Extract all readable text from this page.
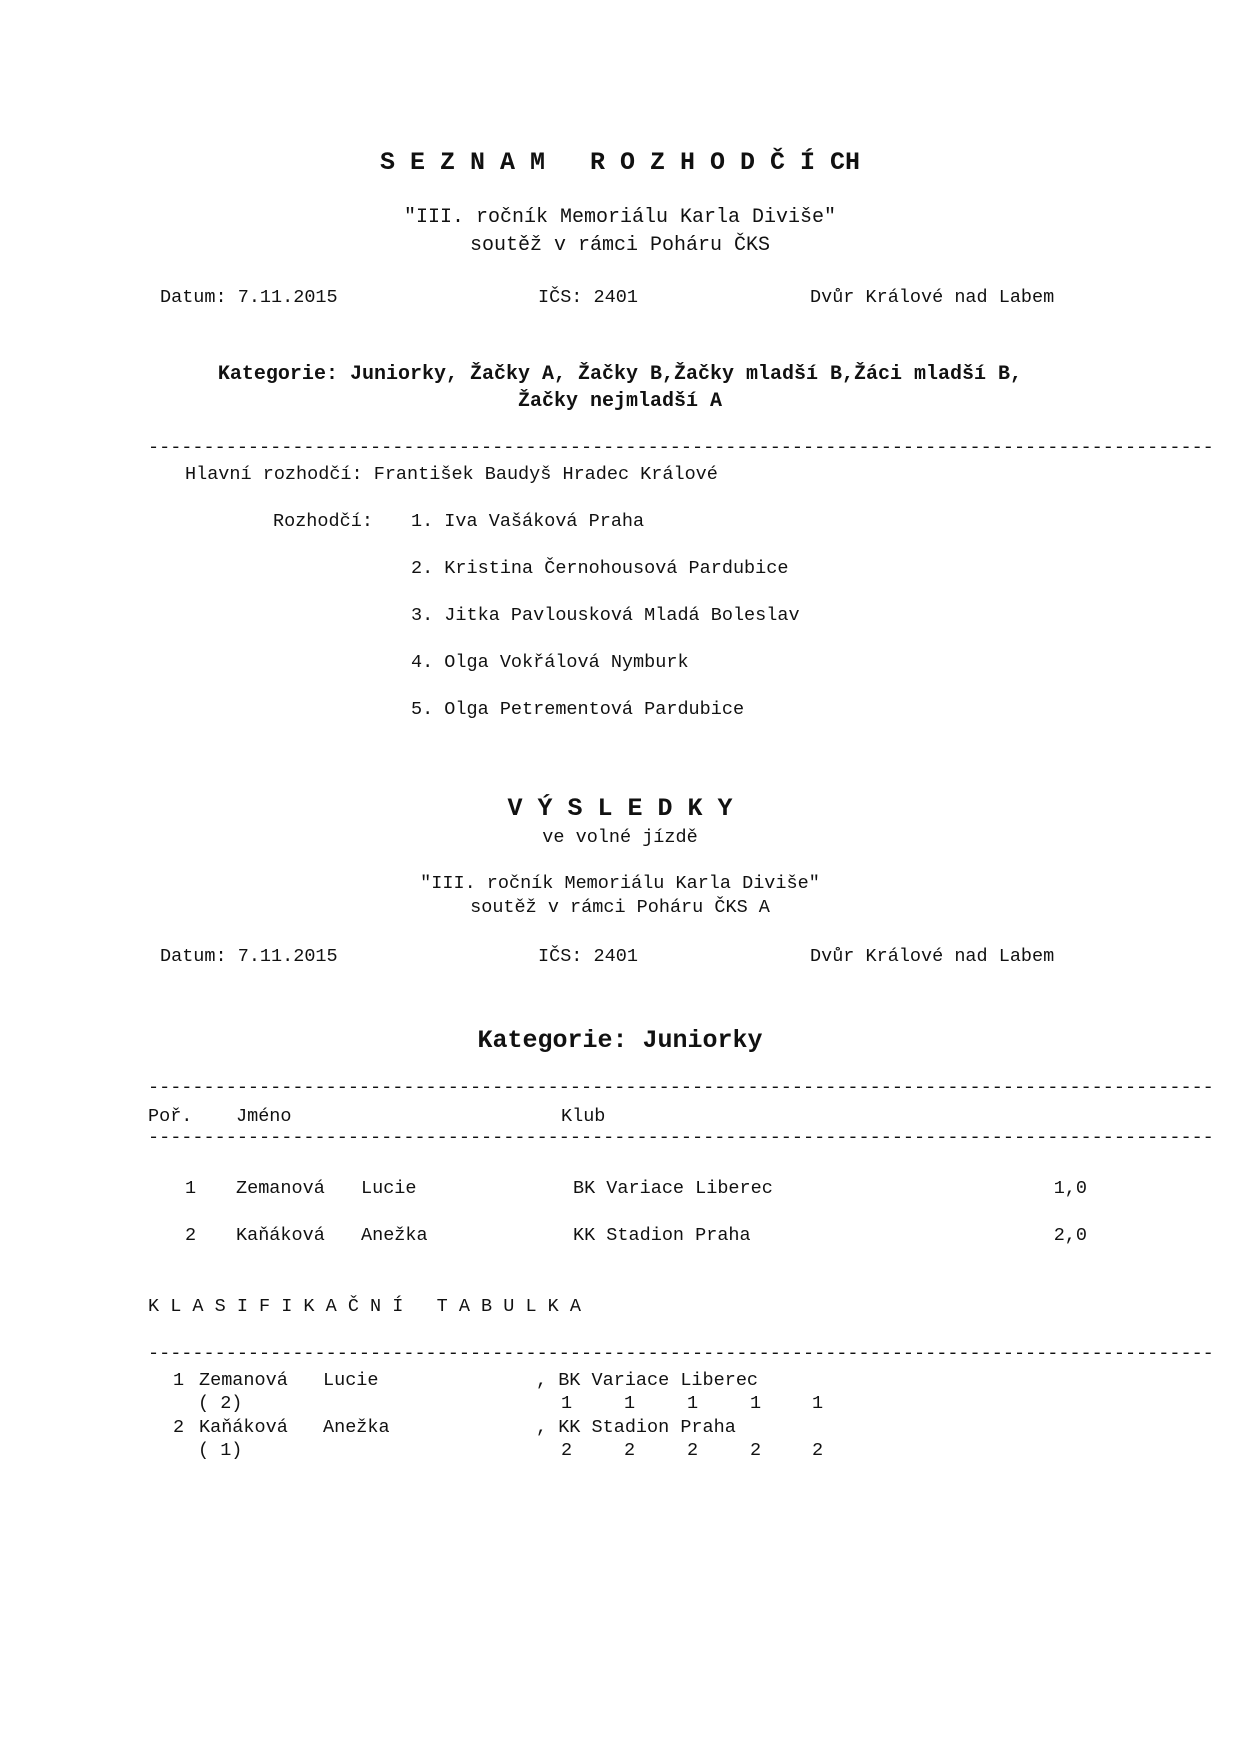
S E Z N A M   R O Z H O D Č Í CH
"III. ročník Memoriálu Karla Diviše"
soutěž v rámci Poháru ČKS
Datum: 7.11.2015	IČS: 2401	Dvůr Králové nad Labem
Kategorie: Juniorky, Žačky A, Žačky B,Žačky mladší B,Žáci mladší B,
Žačky nejmladší A
------------------------------------------------------------------------------------------------
Hlavní rozhodčí: František Baudyš Hradec Králové
Rozhodčí: 1. Iva Vašáková Praha
2. Kristina Černohousová Pardubice
3. Jitka Pavlousková Mladá Boleslav
4. Olga Vokřálová Nymburk
5. Olga Petrementová Pardubice
V Ý S L E D K Y
ve volné jízdě
"III. ročník Memoriálu Karla Diviše"
soutěž v rámci Poháru ČKS A
Datum: 7.11.2015	IČS: 2401	Dvůr Králové nad Labem
Kategorie: Juniorky
------------------------------------------------------------------------------------------------
Poř. Jméno	Klub
------------------------------------------------------------------------------------------------
1 Zemanová Lucie	BK Variace Liberec	1,0
2 Kaňáková Anežka	KK Stadion Praha	2,0
K L A S I F I K A Č N Í   T A B U L K A
------------------------------------------------------------------------------------------------
1 Zemanová Lucie	, BK Variace Liberec
( 2)	1	1	1	1	1
2 Kaňáková Anežka	, KK Stadion Praha
( 1)	2	2	2	2	2
